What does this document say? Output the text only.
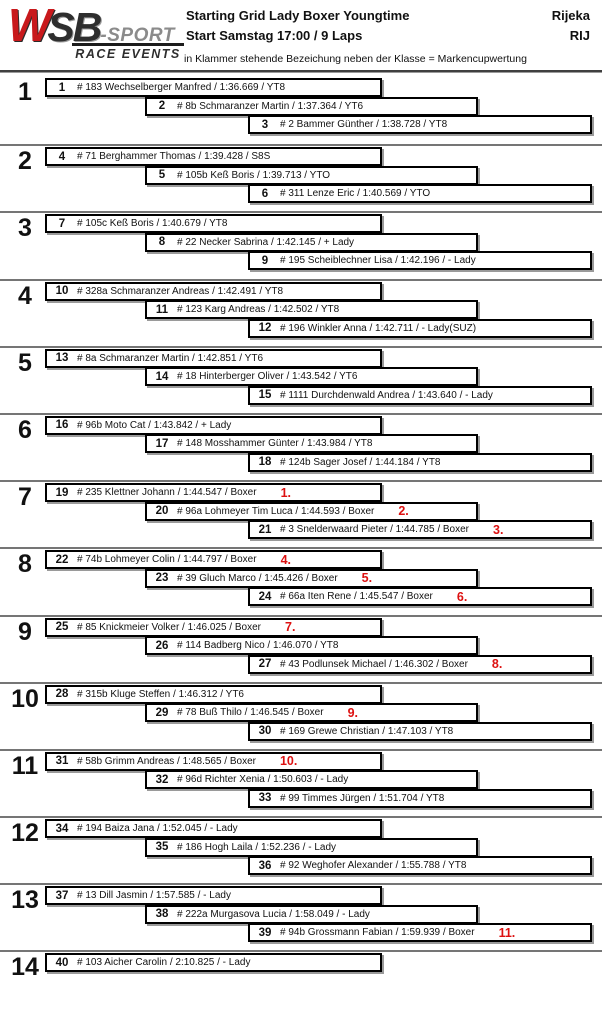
WSB-SPORT
RACE EVENTS
Starting Grid Lady Boxer Youngtime
Start Samstag 17:00 / 9 Laps
Rijeka
RIJ
in Klammer stehende Bezeichung neben der Klasse = Markencupwertung
1	1	# 183 Wechselberger Manfred / 1:36.669 / YT8
2	# 8b Schmaranzer Martin / 1:37.364 / YT6
3	# 2 Bammer Günther / 1:38.728 / YT8
2	4	# 71 Berghammer Thomas / 1:39.428 / S8S
5	# 105b Keß Boris / 1:39.713 / YTO
6	# 311 Lenze Eric / 1:40.569 / YTO
3	7	# 105c Keß Boris / 1:40.679 / YT8
8	# 22 Necker Sabrina / 1:42.145 / + Lady
9	# 195 Scheiblechner Lisa / 1:42.196 / - Lady
4	10 # 328a Schmaranzer Andreas / 1:42.491 / YT8
11 # 123 Karg Andreas / 1:42.502 / YT8
12 # 196 Winkler Anna / 1:42.711 / - Lady(SUZ)
5	13 # 8a Schmaranzer Martin / 1:42.851 / YT6
14 # 18 Hinterberger Oliver / 1:43.542 / YT6
15 # 1111 Durchdenwald Andrea / 1:43.640 / - Lady
6	16 # 96b Moto Cat / 1:43.842 / + Lady
17 # 148 Mosshammer Günter / 1:43.984 / YT8
18 # 124b Sager Josef / 1:44.184 / YT8
7	19 # 235 Klettner Johann / 1:44.547 / Boxer 1.
20 # 96a Lohmeyer Tim Luca / 1:44.593 / Boxer 2.
21 # 3 Snelderwaard Pieter / 1:44.785 / Boxer 3.
8	22 # 74b Lohmeyer Colin / 1:44.797 / Boxer 4.
23 # 39 Gluch Marco / 1:45.426 / Boxer 5.
24 # 66a Iten Rene / 1:45.547 / Boxer 6.
9	25 # 85 Knickmeier Volker / 1:46.025 / Boxer 7.
26 # 114 Badberg Nico / 1:46.070 / YT8
27 # 43 Podlunsek Michael / 1:46.302 / Boxer 8.
10	28 # 315b Kluge Steffen / 1:46.312 / YT6
29 # 78 Buß Thilo / 1:46.545 / Boxer 9.
30 # 169 Grewe Christian / 1:47.103 / YT8
11	31 # 58b Grimm Andreas / 1:48.565 / Boxer 10.
32 # 96d Richter Xenia / 1:50.603 / - Lady
33 # 99 Timmes Jürgen / 1:51.704 / YT8
12	34 # 194 Baiza Jana / 1:52.045 / - Lady
35 # 186 Hogh Laila / 1:52.236 / - Lady
36 # 92 Weghofer Alexander / 1:55.788 / YT8
13	37 # 13 Dill Jasmin / 1:57.585 / - Lady
38 # 222a Murgasova Lucia / 1:58.049 / - Lady
39 # 94b Grossmann Fabian / 1:59.939 / Boxer 11.
14	40 # 103 Aicher Carolin / 2:10.825 / - Lady
